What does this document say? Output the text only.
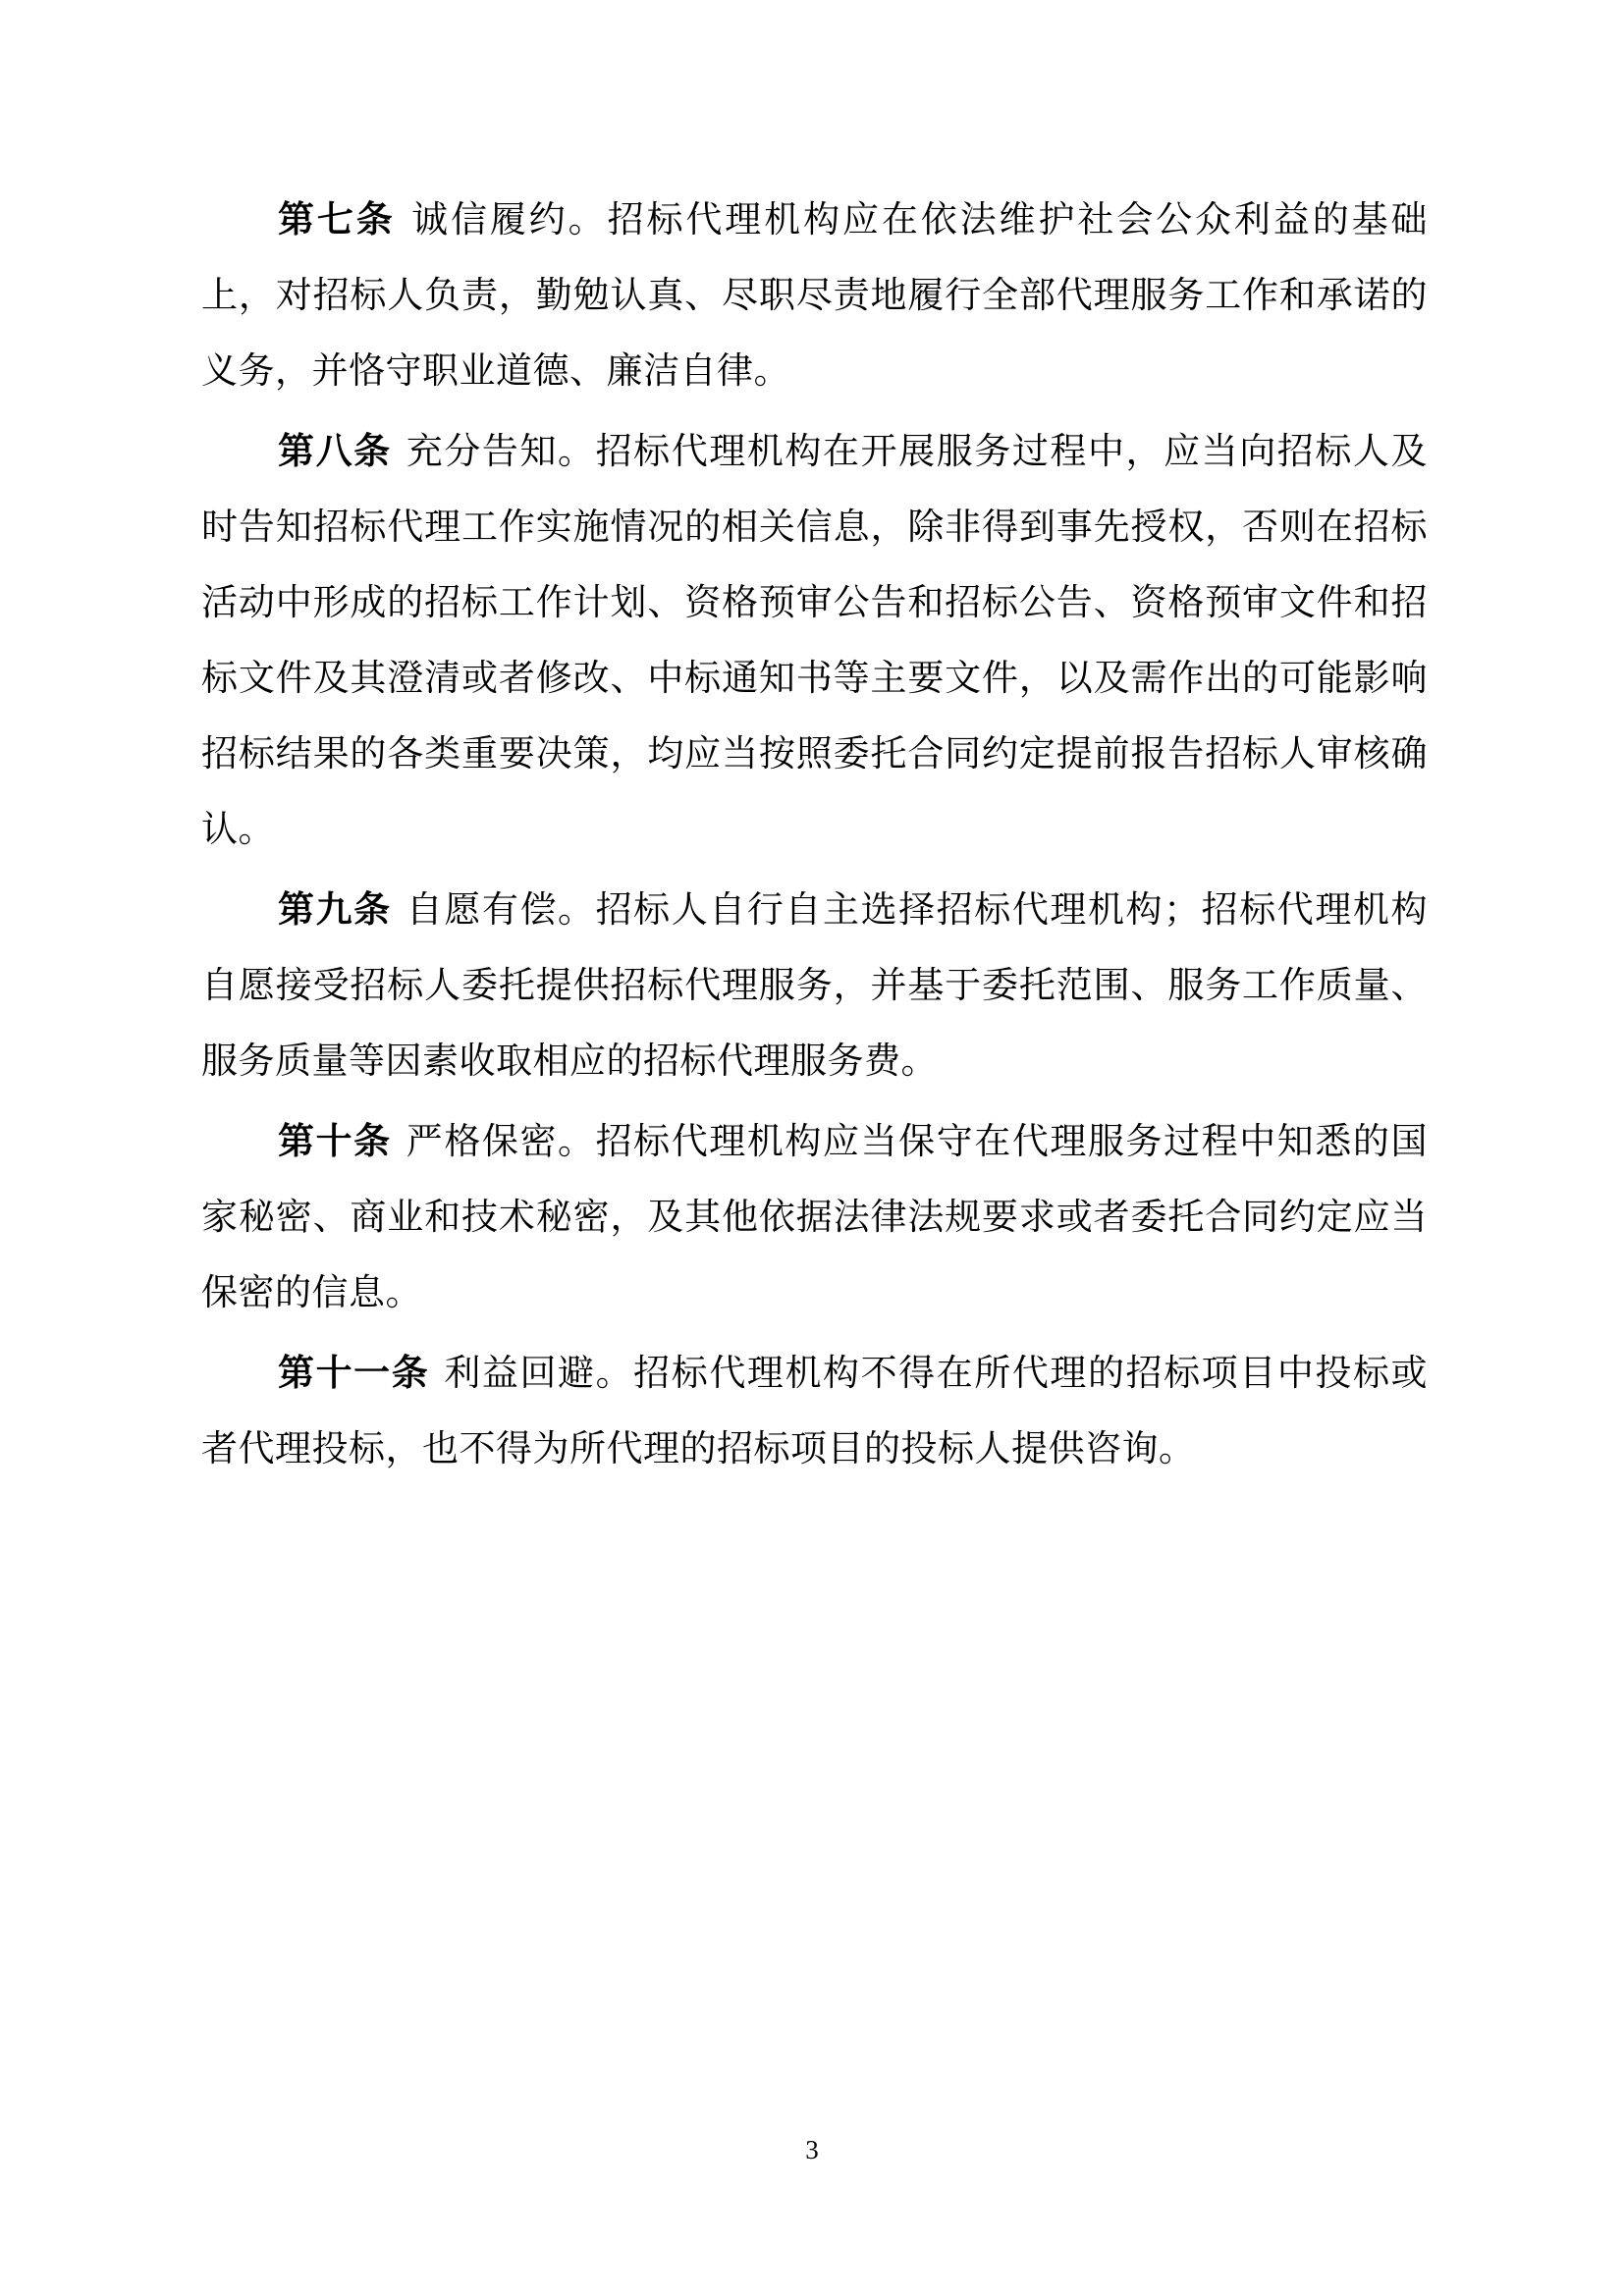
第七条 诚信履约。招标代理机构应在依法维护社会公众利益的基础上，对招标人负责，勤勉认真、尽职尽责地履行全部代理服务工作和承诺的义务，并恪守职业道德、廉洁自律。

第八条 充分告知。招标代理机构在开展服务过程中，应当向招标人及时告知招标代理工作实施情况的相关信息，除非得到事先授权，否则在招标活动中形成的招标工作计划、资格预审公告和招标公告、资格预审文件和招标文件及其澄清或者修改、中标通知书等主要文件，以及需作出的可能影响招标结果的各类重要决策，均应当按照委托合同约定提前报告招标人审核确认。

第九条 自愿有偿。招标人自行自主选择招标代理机构；招标代理机构自愿接受招标人委托提供招标代理服务，并基于委托范围、服务工作质量、服务质量等因素收取相应的招标代理服务费。

第十条 严格保密。招标代理机构应当保守在代理服务过程中知悉的国家秘密、商业和技术秘密，及其他依据法律法规要求或者委托合同约定应当保密的信息。

第十一条 利益回避。招标代理机构不得在所代理的招标项目中投标或者代理投标，也不得为所代理的招标项目的投标人提供咨询。

3
